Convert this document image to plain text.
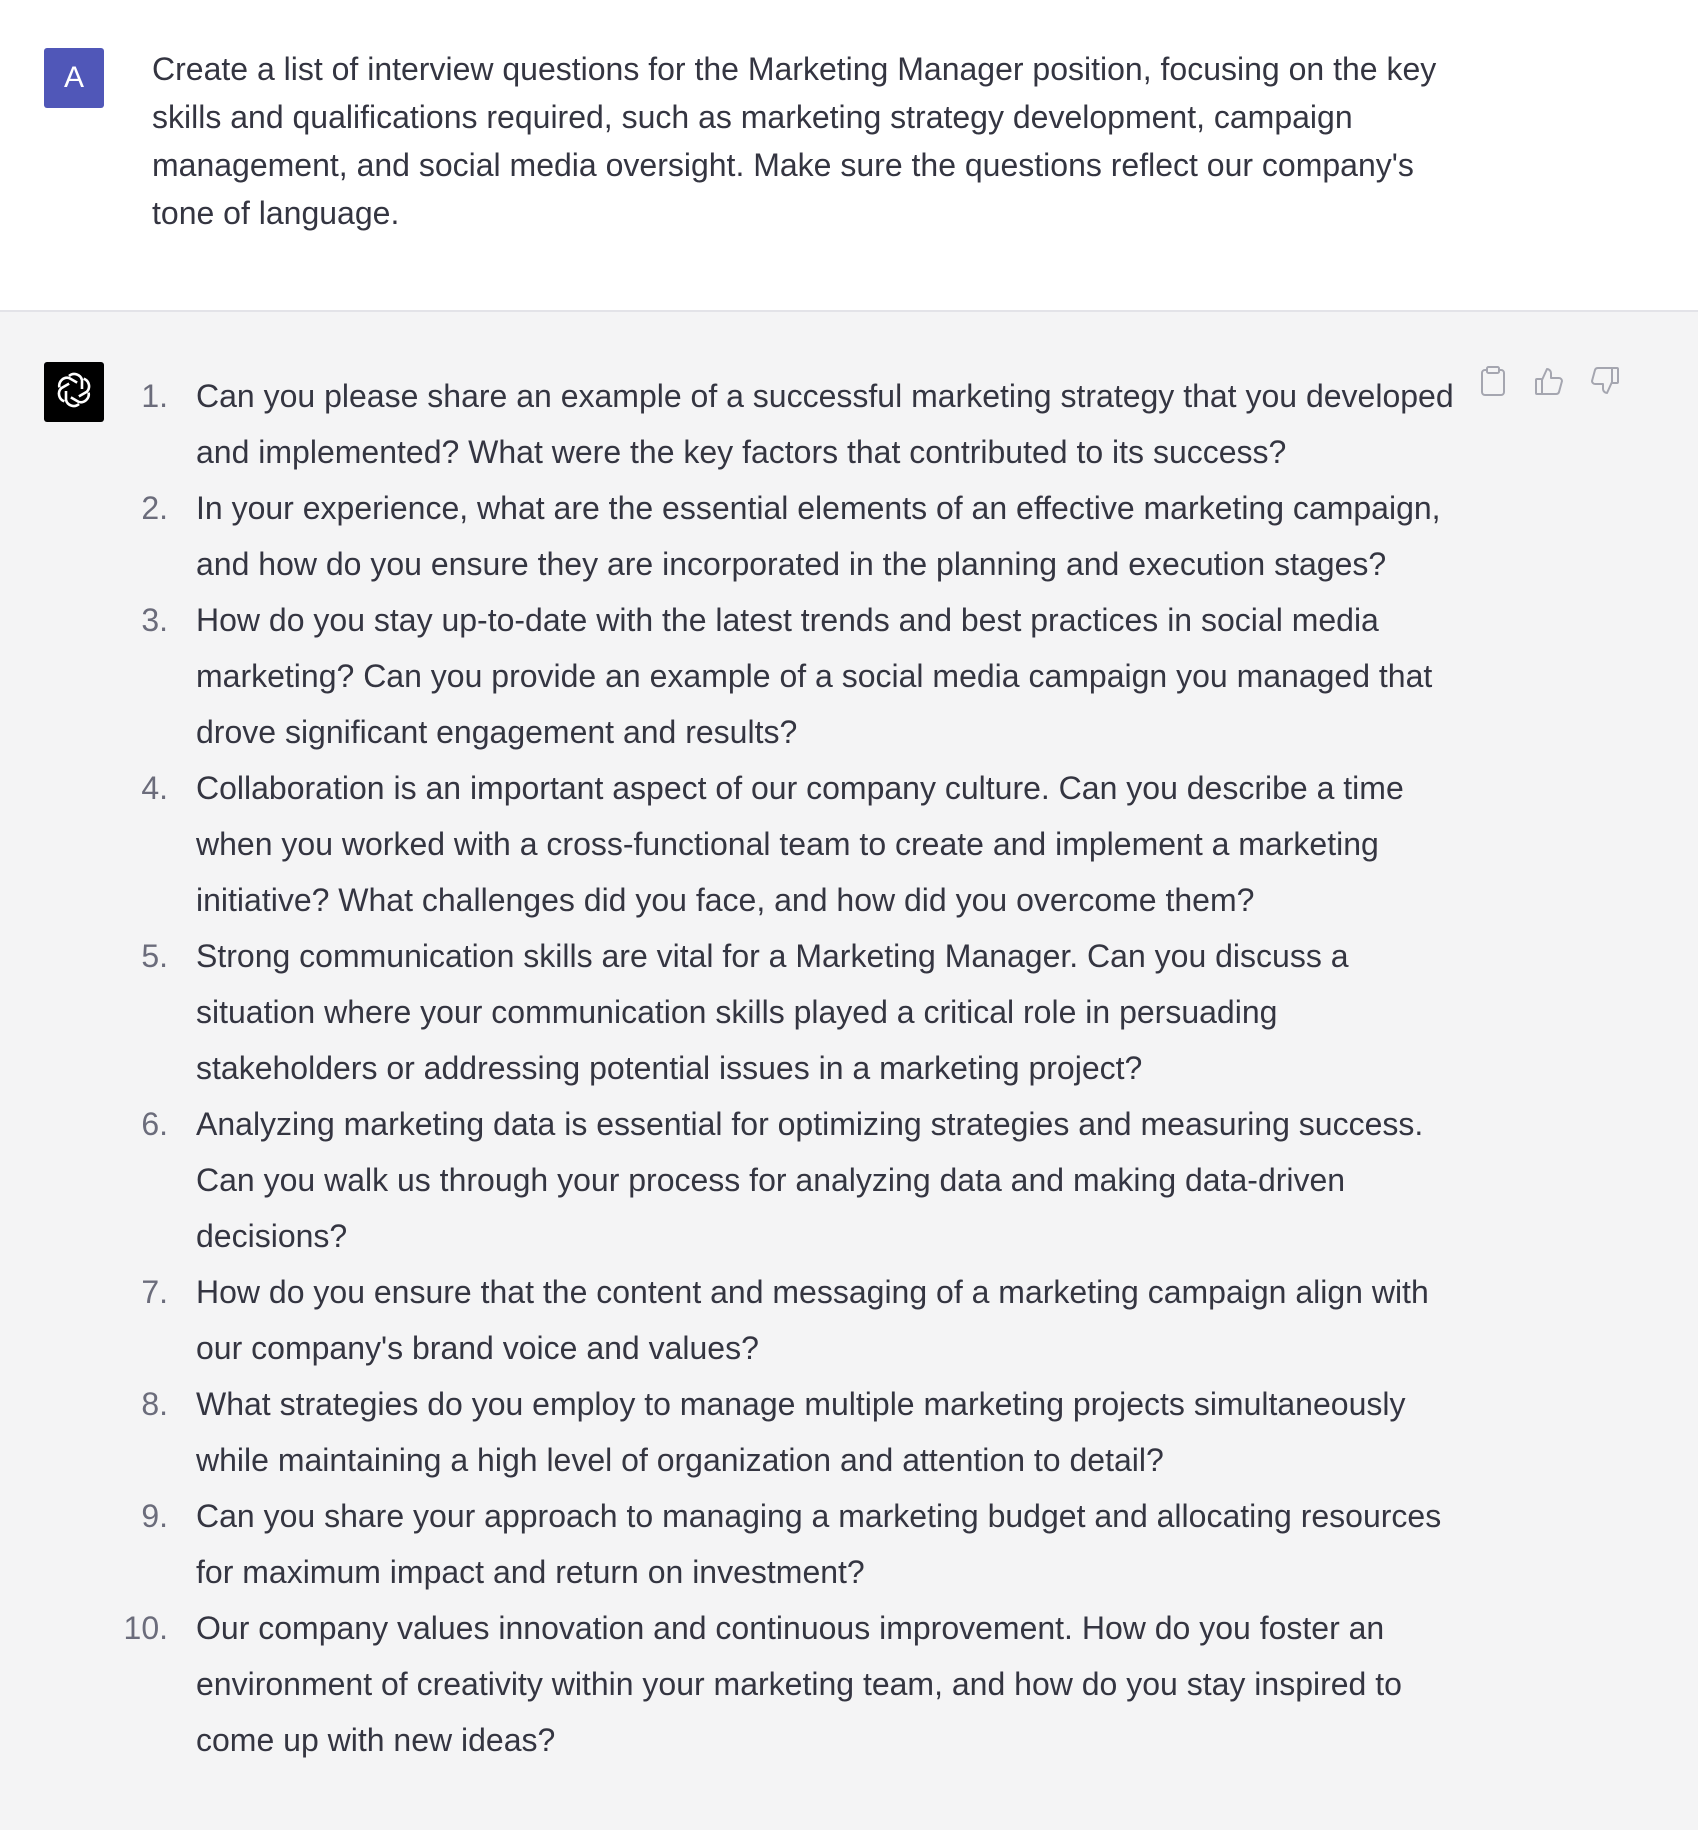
A Create a list of interview questions for the Marketing Manager position, focusing on the key skills and qualifications required, such as marketing strategy development, campaign management, and social media oversight. Make sure the questions reflect our company's tone of language.

1. Can you please share an example of a successful marketing strategy that you developed and implemented? What were the key factors that contributed to its success?
2. In your experience, what are the essential elements of an effective marketing campaign, and how do you ensure they are incorporated in the planning and execution stages?
3. How do you stay up-to-date with the latest trends and best practices in social media marketing? Can you provide an example of a social media campaign you managed that drove significant engagement and results?
4. Collaboration is an important aspect of our company culture. Can you describe a time when you worked with a cross-functional team to create and implement a marketing initiative? What challenges did you face, and how did you overcome them?
5. Strong communication skills are vital for a Marketing Manager. Can you discuss a situation where your communication skills played a critical role in persuading stakeholders or addressing potential issues in a marketing project?
6. Analyzing marketing data is essential for optimizing strategies and measuring success. Can you walk us through your process for analyzing data and making data-driven decisions?
7. How do you ensure that the content and messaging of a marketing campaign align with our company's brand voice and values?
8. What strategies do you employ to manage multiple marketing projects simultaneously while maintaining a high level of organization and attention to detail?
9. Can you share your approach to managing a marketing budget and allocating resources for maximum impact and return on investment?
10. Our company values innovation and continuous improvement. How do you foster an environment of creativity within your marketing team, and how do you stay inspired to come up with new ideas?
